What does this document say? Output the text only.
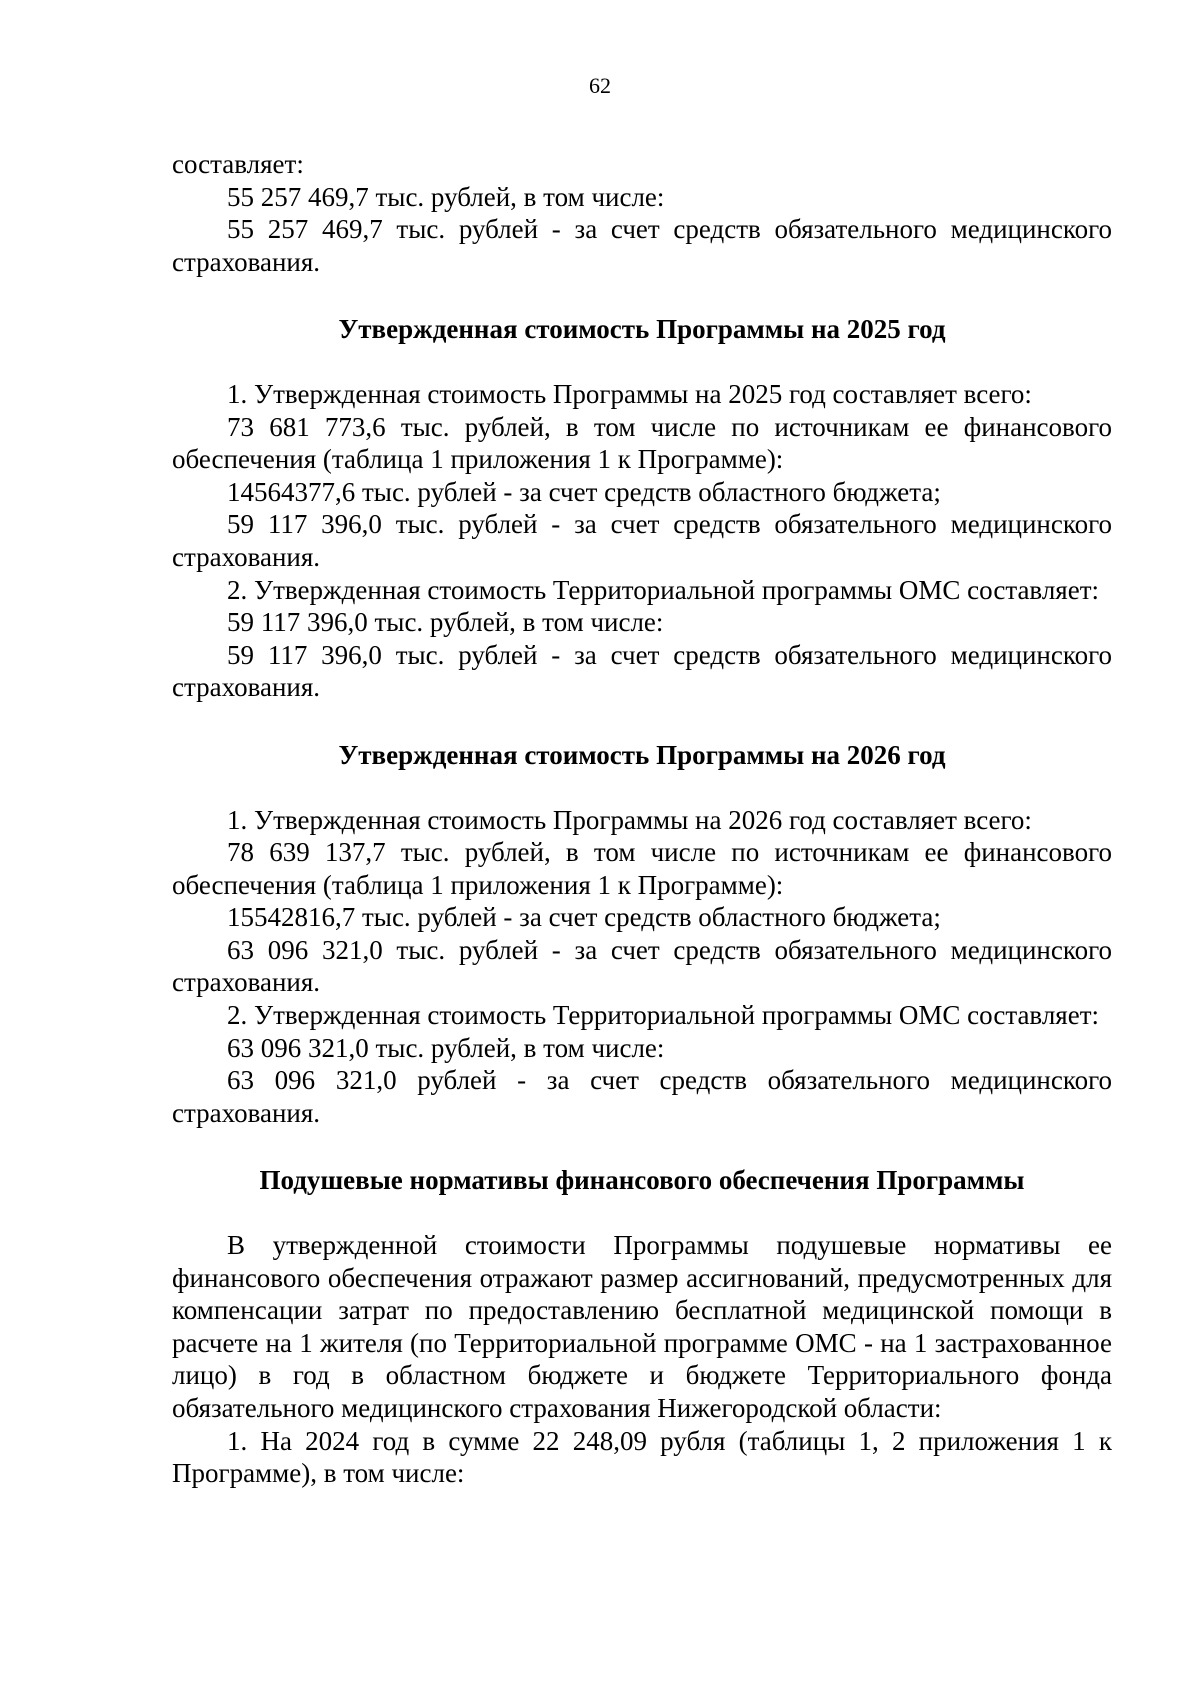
62

составляет:

55 257 469,7 тыс. рублей, в том числе:

55 257 469,7 тыс. рублей - за счет средств обязательного медицинского страхования.

Утвержденная стоимость Программы на 2025 год

1. Утвержденная стоимость Программы на 2025 год составляет всего:

73 681 773,6 тыс. рублей, в том числе по источникам ее финансового обеспечения (таблица 1 приложения 1 к Программе):

14564377,6 тыс. рублей - за счет средств областного бюджета;

59 117 396,0 тыс. рублей - за счет средств обязательного медицинского страхования.

2. Утвержденная стоимость Территориальной программы ОМС составляет:

59 117 396,0 тыс. рублей, в том числе:

59 117 396,0 тыс. рублей - за счет средств обязательного медицинского страхования.

Утвержденная стоимость Программы на 2026 год

1. Утвержденная стоимость Программы на 2026 год составляет всего:

78 639 137,7 тыс. рублей, в том числе по источникам ее финансового обеспечения (таблица 1 приложения 1 к Программе):

15542816,7 тыс. рублей - за счет средств областного бюджета;

63 096 321,0 тыс. рублей - за счет средств обязательного медицинского страхования.

2. Утвержденная стоимость Территориальной программы ОМС составляет:

63 096 321,0 тыс. рублей, в том числе:

63 096 321,0 рублей - за счет средств обязательного медицинского страхования.

Подушевые нормативы финансового обеспечения Программы

В утвержденной стоимости Программы подушевые нормативы ее финансового обеспечения отражают размер ассигнований, предусмотренных для компенсации затрат по предоставлению бесплатной медицинской помощи в расчете на 1 жителя (по Территориальной программе ОМС - на 1 застрахованное лицо) в год в областном бюджете и бюджете Территориального фонда обязательного медицинского страхования Нижегородской области:

1. На 2024 год в сумме 22 248,09 рубля (таблицы 1, 2 приложения 1 к Программе), в том числе:
